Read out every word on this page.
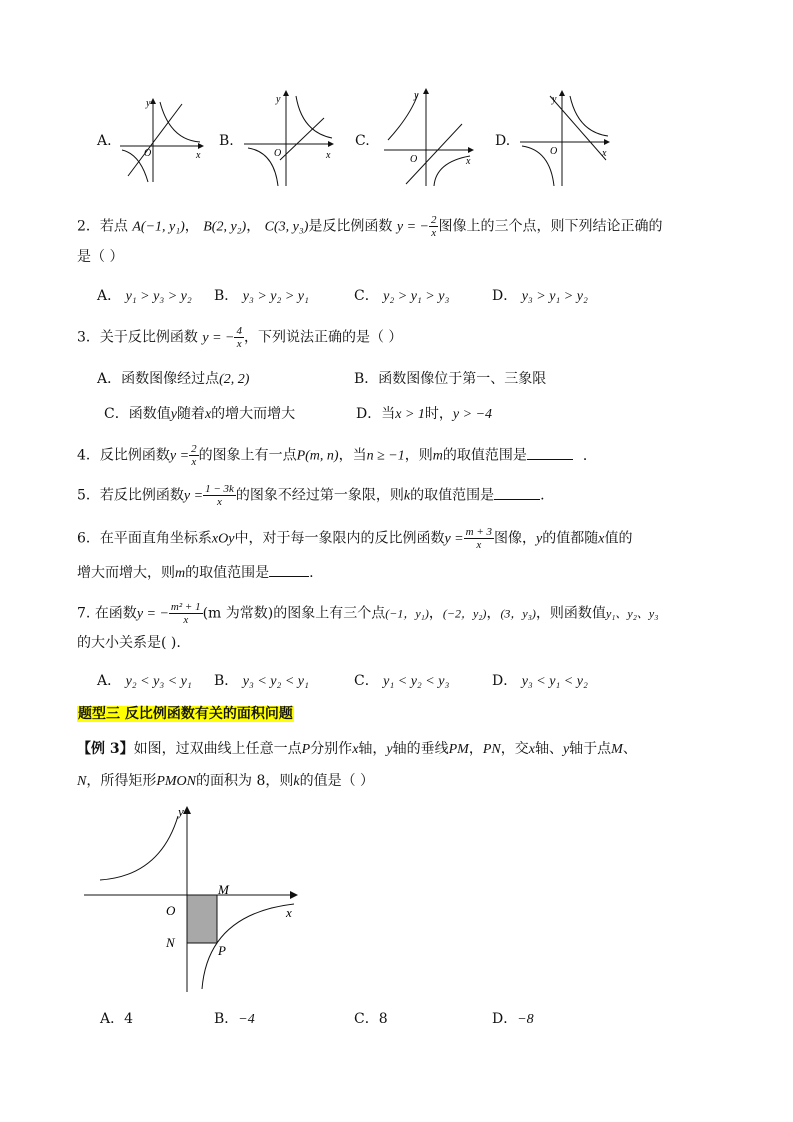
A.
y
x
O
B.
y
x
O
C.
y
x
O
D.
y
x
O
2．若点 A(−1, y₁)， B(2, y₂)， C(3, y₃)是反比例函数 y = − $\frac{2}{x}$ 图像上的三个点，则下列结论正确的
是（ ）
A． y₁ > y₃ > y₂ B． y₃ > y₂ > y₁	C． y₂ > y₁ > y₃	D． y₃ > y₁ > y₂
3．关于反比例函数 y = − $\frac{4}{x}$ ，下列说法正确的是（ ）
A．函数图像经过点(2, 2)	B．函数图像位于第一、三象限
C．函数值y随着x的增大而增大	D．当x > 1时，y > −4
4．反比例函数$y = \frac{2}{x}$ 的图象上有一点P(m, n)，当n ≥ −1，则m的取值范围是	．
5．若反比例函数$y = \frac{1 - 3k}{x}$ 的图象不经过第一象限，则k的取值范围是	.
6．在平面直角坐标系xOy中，对于每一象限内的反比例函数$y = \frac{m + 3}{x}$ 图像，y的值都随x值的
增大而增大，则m的取值范围是	.
7. 在函数y = − $\frac{\text{m² + 1}}{x} (m$ 为常数)的图象上有三个点(−1，y₁)，(−2，y₂)，(3，y₃)，则函数值y₁、y₂、y₃
的大小关系是( ).
A． y₂ < y₃ < y₁ B． y₃ < y₂ < y₁	C． y₁ < y₂ < y₃	D． y₃ < y₁ < y₂
题型三 反比例函数有关的面积问题
【例 3】如图，过双曲线上任意一点P分别作x轴，y轴的垂线PM，PN，交x轴、y轴于点M、
N，所得矩形PMON的面积为 8，则k的值是（ ）
y
x
O
M
N
P
A．4	B．−4	C．8	D．−8
